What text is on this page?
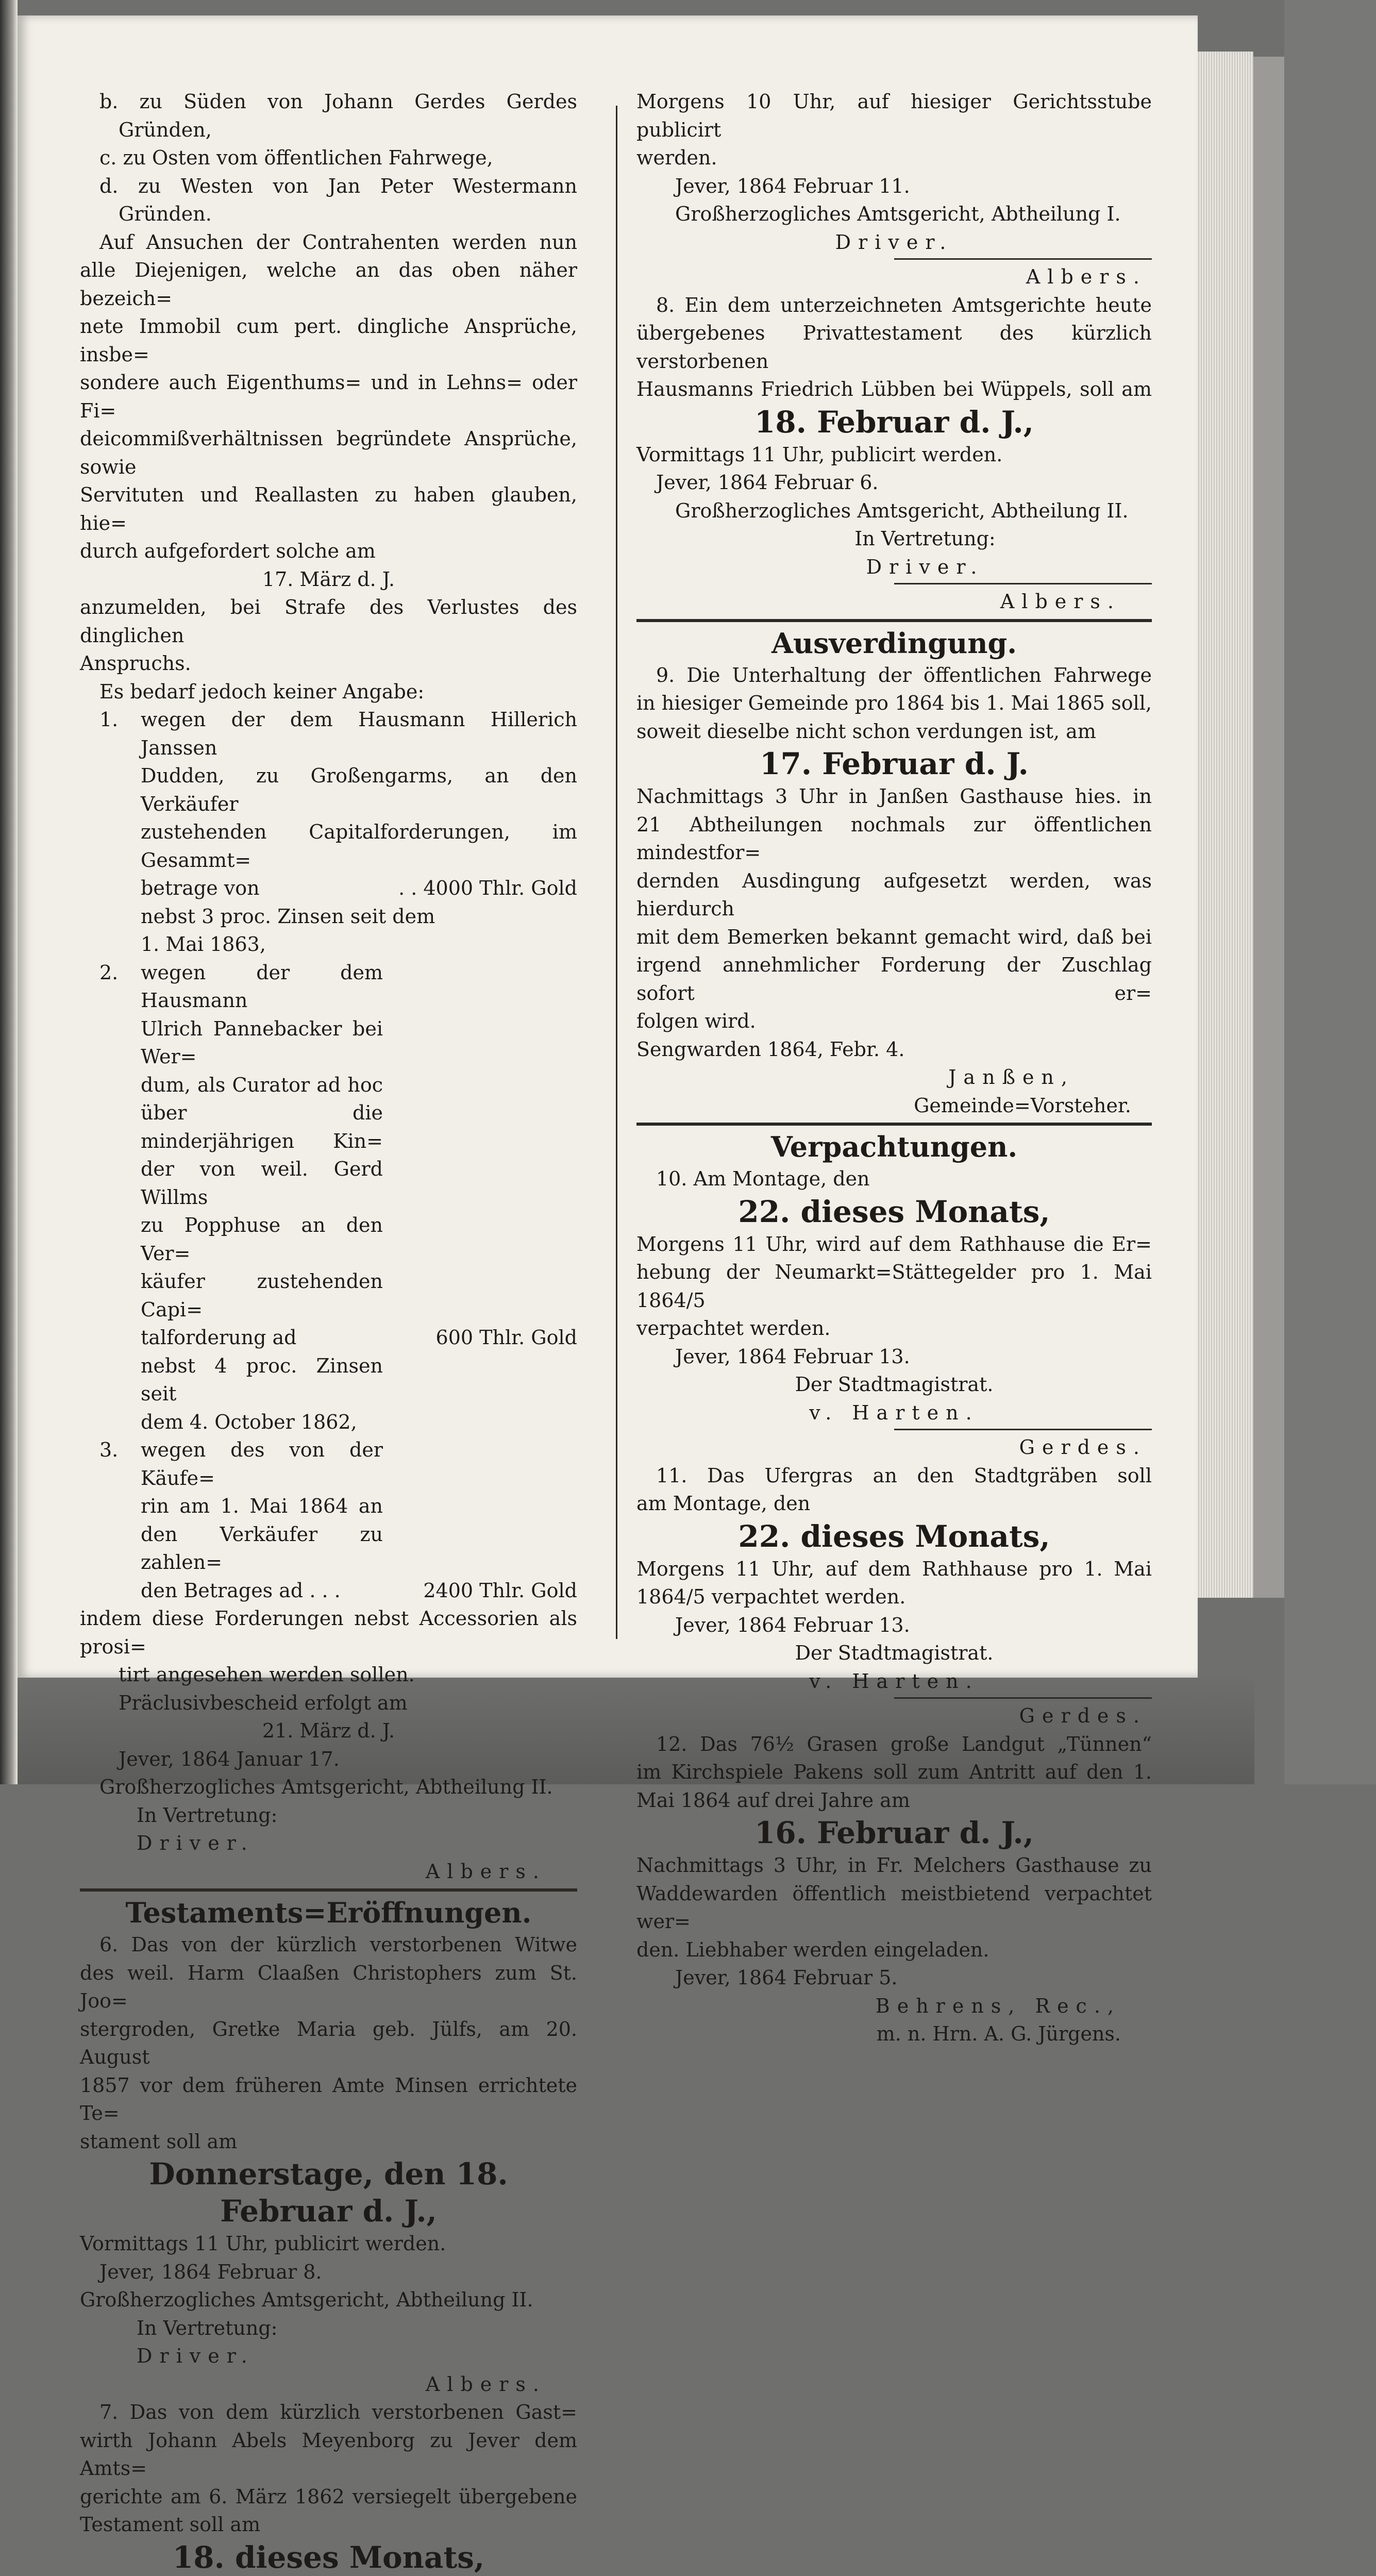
b. zu Süden von Johann Gerdes Gerdes
Gründen,
c. zu Osten vom öffentlichen Fahrwege,
d. zu Westen von Jan Peter Westermann
Gründen.
Auf Ansuchen der Contrahenten werden nun
alle Diejenigen, welche an das oben näher bezeich=
nete Immobil cum pert. dingliche Ansprüche, insbe=
sondere auch Eigenthums= und in Lehns= oder Fi=
deicommißverhältnissen begründete Ansprüche, sowie
Servituten und Reallasten zu haben glauben, hie=
durch aufgefordert solche am
17. März d. J.
anzumelden, bei Strafe des Verlustes des dinglichen
Anspruchs.
Es bedarf jedoch keiner Angabe:
1.	wegen der dem Hausmann Hillerich Janssen
Dudden, zu Großengarms, an den Verkäufer
zustehenden Capitalforderungen, im Gesammt=
betrage von	. . 4000 Thlr. Gold
nebst 3 proc. Zinsen seit dem
1. Mai 1863,
2.	wegen der dem Hausmann
Ulrich Pannebacker bei Wer=
dum, als Curator ad hoc
über die minderjährigen Kin=
der von weil. Gerd Willms
zu Popphuse an den Ver=
käufer zustehenden Capi=
talforderung ad	600 Thlr. Gold
nebst 4 proc. Zinsen seit
dem 4. October 1862,
3.	wegen des von der Käufe=
rin am 1. Mai 1864 an
den Verkäufer zu zahlen=
den Betrages ad . . .	2400 Thlr. Gold
indem diese Forderungen nebst Accessorien als prosi=
tirt angesehen werden sollen.
Präclusivbescheid erfolgt am
21. März d. J.
Jever, 1864 Januar 17.
Großherzogliches Amtsgericht, Abtheilung II.
In Vertretung:
Driver.
Albers.
Testaments=Eröffnungen.
6. Das von der kürzlich verstorbenen Witwe
des weil. Harm Claaßen Christophers zum St. Joo=
stergroden, Gretke Maria geb. Jülfs, am 20. August
1857 vor dem früheren Amte Minsen errichtete Te=
stament soll am
Donnerstage, den 18. Februar d. J.,
Vormittags 11 Uhr, publicirt werden.
Jever, 1864 Februar 8.
Großherzogliches Amtsgericht, Abtheilung II.
In Vertretung:
Driver.
Albers.
7. Das von dem kürzlich verstorbenen Gast=
wirth Johann Abels Meyenborg zu Jever dem Amts=
gerichte am 6. März 1862 versiegelt übergebene
Testament soll am
18. dieses Monats,
Morgens 10 Uhr, auf hiesiger Gerichtsstube publicirt
werden.
Jever, 1864 Februar 11.
Großherzogliches Amtsgericht, Abtheilung I.
Driver.
Albers.
8. Ein dem unterzeichneten Amtsgerichte heute
übergebenes Privattestament des kürzlich verstorbenen
Hausmanns Friedrich Lübben bei Wüppels, soll am
18. Februar d. J.,
Vormittags 11 Uhr, publicirt werden.
Jever, 1864 Februar 6.
Großherzogliches Amtsgericht, Abtheilung II.
In Vertretung:
Driver.
Albers.
Ausverdingung.
9. Die Unterhaltung der öffentlichen Fahrwege
in hiesiger Gemeinde pro 1864 bis 1. Mai 1865 soll,
soweit dieselbe nicht schon verdungen ist, am
17. Februar d. J.
Nachmittags 3 Uhr in Janßen Gasthause hies. in
21 Abtheilungen nochmals zur öffentlichen mindestfor=
dernden Ausdingung aufgesetzt werden, was hierdurch
mit dem Bemerken bekannt gemacht wird, daß bei
irgend annehmlicher Forderung der Zuschlag sofort er=
folgen wird.
Sengwarden 1864, Febr. 4.
Janßen,
Gemeinde=Vorsteher.
Verpachtungen.
10. Am Montage, den
22. dieses Monats,
Morgens 11 Uhr, wird auf dem Rathhause die Er=
hebung der Neumarkt=Stättegelder pro 1. Mai 1864/5
verpachtet werden.
Jever, 1864 Februar 13.
Der Stadtmagistrat.
v. Harten.
Gerdes.
11. Das Ufergras an den Stadtgräben soll
am Montage, den
22. dieses Monats,
Morgens 11 Uhr, auf dem Rathhause pro 1. Mai
1864/5 verpachtet werden.
Jever, 1864 Februar 13.
Der Stadtmagistrat.
v. Harten.
Gerdes.
12. Das 76½ Grasen große Landgut „Tünnen“
im Kirchspiele Pakens soll zum Antritt auf den 1.
Mai 1864 auf drei Jahre am
16. Februar d. J.,
Nachmittags 3 Uhr, in Fr. Melchers Gasthause zu
Waddewarden öffentlich meistbietend verpachtet wer=
den. Liebhaber werden eingeladen.
Jever, 1864 Februar 5.
Behrens, Rec.,
m. n. Hrn. A. G. Jürgens.
